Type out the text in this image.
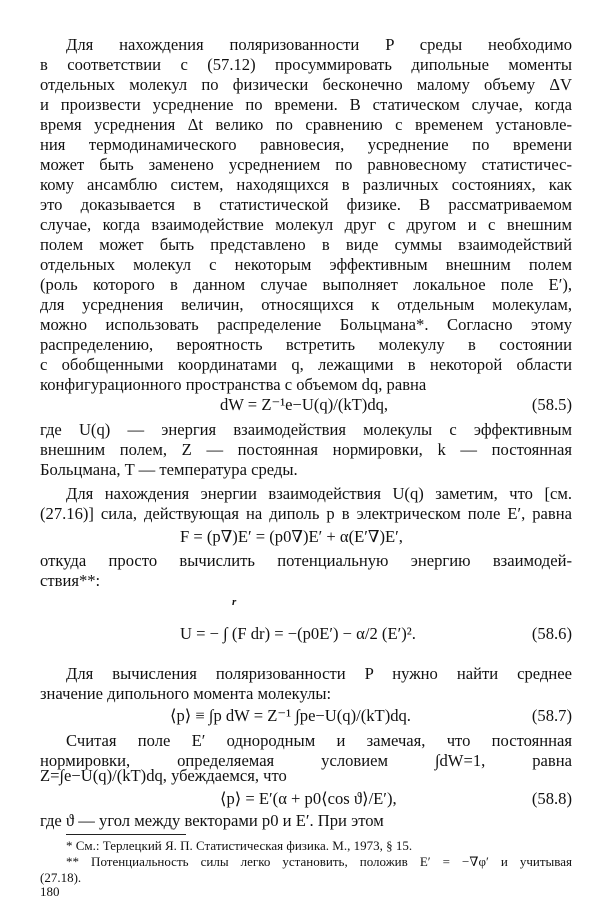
Для нахождения поляризованности P среды необходимо
в соответствии с (57.12) просуммировать дипольные моменты
отдельных молекул по физически бесконечно малому объему ΔV
и произвести усреднение по времени. В статическом случае, когда
время усреднения Δt велико по сравнению с временем установле-
ния термодинамического равновесия, усреднение по времени
может быть заменено усреднением по равновесному статистичес-
кому ансамблю систем, находящихся в различных состояниях, как
это доказывается в статистической физике. В рассматриваемом
случае, когда взаимодействие молекул друг с другом и с внешним
полем может быть представлено в виде суммы взаимодействий
отдельных молекул с некоторым эффективным внешним полем
(роль которого в данном случае выполняет локальное поле E′),
для усреднения величин, относящихся к отдельным молекулам,
можно использовать распределение Больцмана*. Согласно этому
распределению, вероятность встретить молекулу в состоянии
с обобщенными координатами q, лежащими в некоторой области
конфигурационного пространства с объемом dq, равна
dW = Z⁻¹e−U(q)/(kT)dq,	(58.5)
где U(q) — энергия взаимодействия молекулы с эффективным
внешним полем, Z — постоянная нормировки, k — постоянная
Больцмана, T — температура среды.
Для нахождения энергии взаимодействия U(q) заметим, что [см.
(27.16)] сила, действующая на диполь p в электрическом поле E′, равна
F = (p∇)E′ = (p0∇)E′ + α(E′∇)E′,
откуда просто вычислить потенциальную энергию взаимодей-
ствия**:
r
U = − ∫ (F dr) = −(p0E′) − α/2 (E′)².	(58.6)
Для вычисления поляризованности P нужно найти среднее
значение дипольного момента молекулы:
⟨p⟩ ≡ ∫p dW = Z⁻¹ ∫pe−U(q)/(kT)dq.	(58.7)
Считая поле E′ однородным и замечая, что постоянная
нормировки, определяемая условием ∫dW=1, равна
Z=∫e−U(q)/(kT)dq, убеждаемся, что
⟨p⟩ = E′(α + p0⟨cos ϑ⟩/E′),	(58.8)
где ϑ — угол между векторами p0 и E′. При этом
* См.: Терлецкий Я. П. Статистическая физика. М., 1973, § 15.
** Потенциальность силы легко установить, положив E′ = −∇φ′ и учитывая
(27.18).
180
